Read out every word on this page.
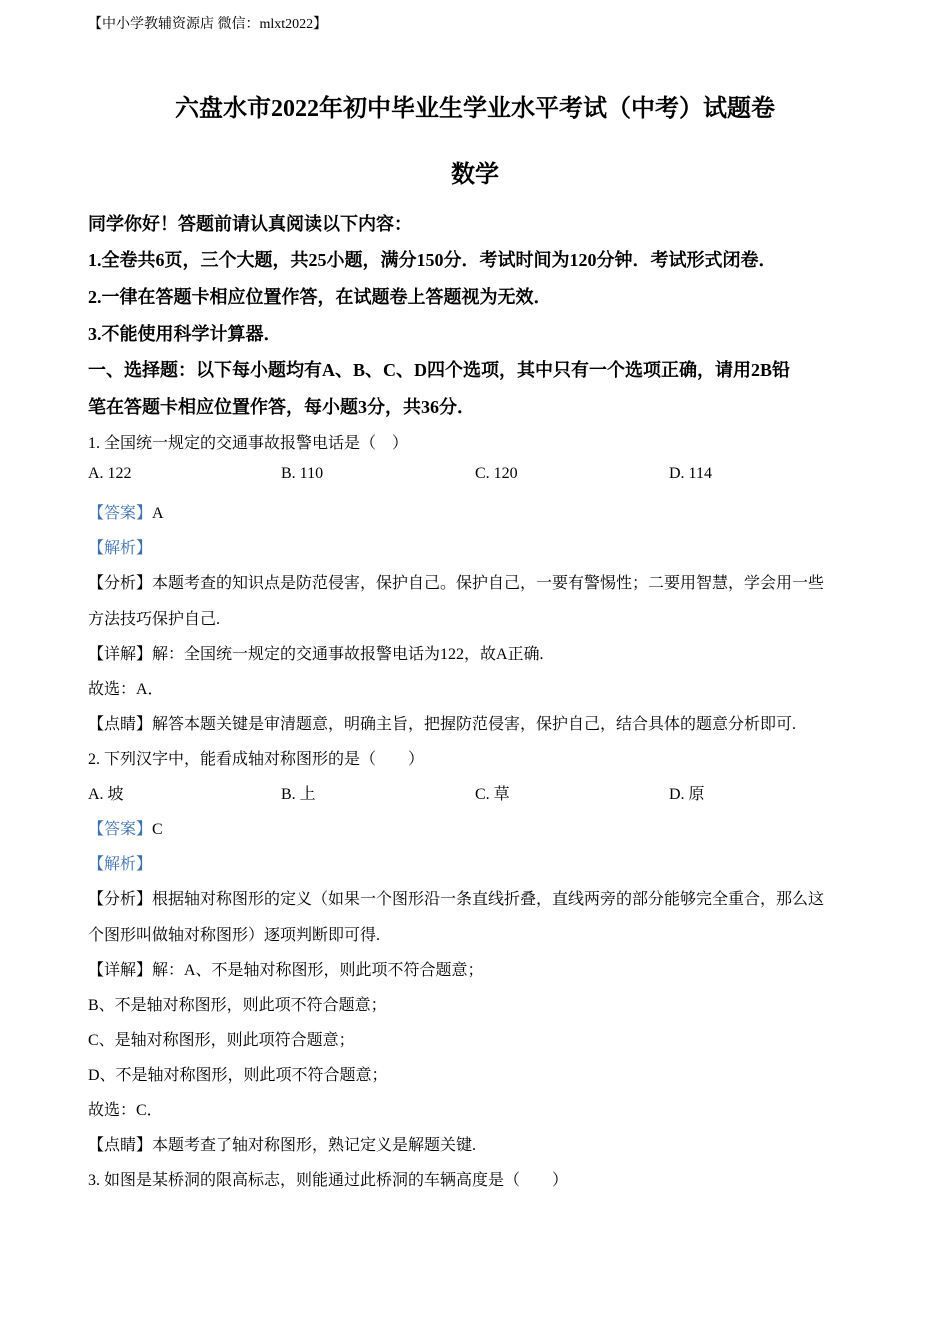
【中小学教辅资源店 微信：mlxt2022】
六盘水市2022年初中毕业生学业水平考试（中考）试题卷
数学
同学你好！答题前请认真阅读以下内容：
1.全卷共6页，三个大题，共25小题，满分150分．考试时间为120分钟．考试形式闭卷．
2.一律在答题卡相应位置作答，在试题卷上答题视为无效．
3.不能使用科学计算器．
一、选择题：以下每小题均有A、B、C、D四个选项，其中只有一个选项正确，请用2B铅
笔在答题卡相应位置作答，每小题3分，共36分．
1. 全国统一规定的交通事故报警电话是（　）
A. 122	B. 110	C. 120	D. 114
【答案】A
【解析】
【分析】本题考查的知识点是防范侵害，保护自己。保护自己，一要有警惕性；二要用智慧，学会用一些
方法技巧保护自己.
【详解】解：全国统一规定的交通事故报警电话为122，故A正确.
故选：A．
【点睛】解答本题关键是审清题意，明确主旨，把握防范侵害，保护自己，结合具体的题意分析即可.
2. 下列汉字中，能看成轴对称图形的是（　　）
A. 坡	B. 上	C. 草	D. 原
【答案】C
【解析】
【分析】根据轴对称图形的定义（如果一个图形沿一条直线折叠，直线两旁的部分能够完全重合，那么这
个图形叫做轴对称图形）逐项判断即可得.
【详解】解：A、不是轴对称图形，则此项不符合题意；
B、不是轴对称图形，则此项不符合题意；
C、是轴对称图形，则此项符合题意；
D、不是轴对称图形，则此项不符合题意；
故选：C．
【点睛】本题考查了轴对称图形，熟记定义是解题关键.
3. 如图是某桥洞的限高标志，则能通过此桥洞的车辆高度是（　　）
